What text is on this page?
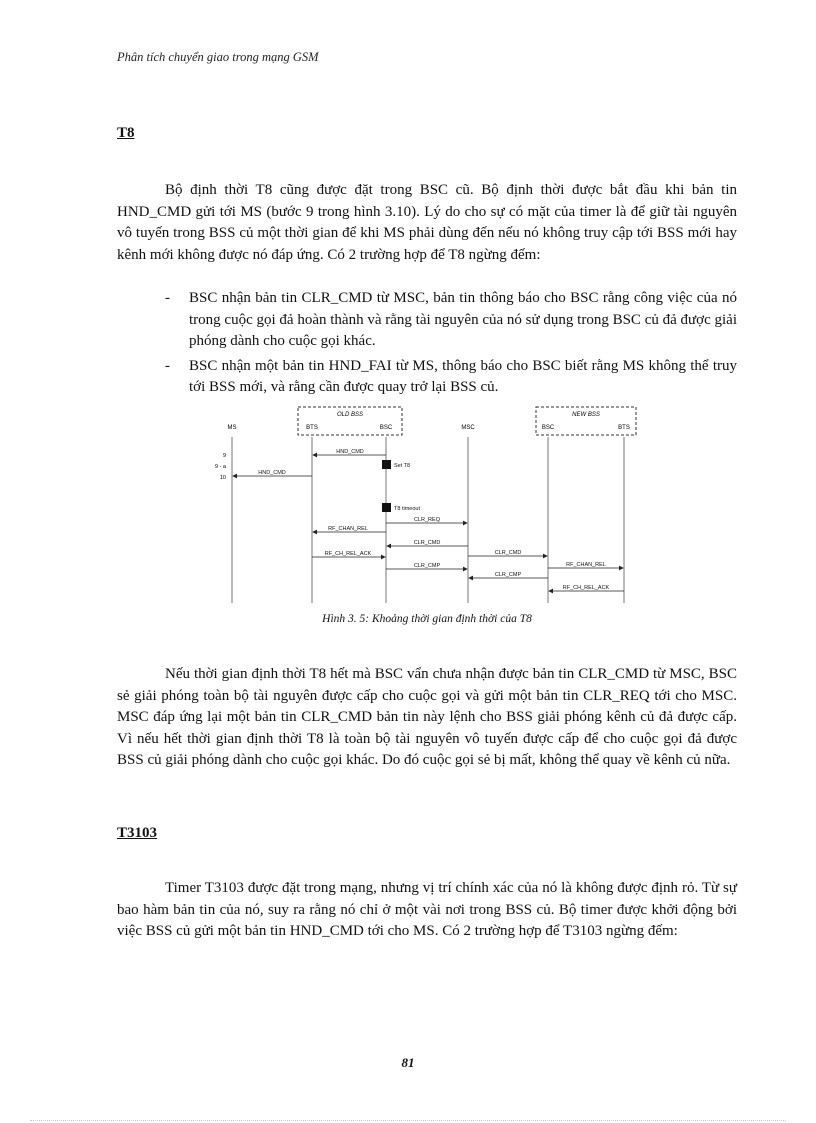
Phân tích chuyển giao trong mạng GSM
T8
Bộ định thời T8 cũng được đặt trong BSC cũ. Bộ định thời được bắt đầu khi bản tin HND_CMD gửi tới MS (bước 9 trong hình 3.10). Lý do cho sự có mặt của timer là để giữ tài nguyên vô tuyến trong BSS củ một thời gian để khi MS phải dùng đến nếu nó không truy cập tới BSS mới hay kênh mới không được nó đáp ứng. Có 2 trường hợp để T8 ngừng đếm:
- BSC nhận bản tin CLR_CMD từ MSC, bản tin thông báo cho BSC rằng công việc của nó trong cuộc gọi đả hoàn thành và rằng tài nguyên của nó sử dụng trong BSC củ đả được giải phóng dành cho cuộc gọi khác.
- BSC nhận một bản tin HND_FAI từ MS, thông báo cho BSC biết rằng MS không thể truy tới BSS mới, và rằng cần được quay trở lại BSS củ.
OLD BSS	NEW BSS
MS	BTS	BSC	MSC	BSC	BTS
9
9 - a
10
HND_CMD
HND_CMD
Set T8
T8 timeout
CLR_REQ
RF_CHAN_REL
CLR_CMD
RF_CH_REL_ACK	CLR_CMD
CLR_CMP	RF_CHAN_REL
CLR_CMP
RF_CH_REL_ACK
Hình 3. 5: Khoảng thời gian định thời của T8
Nếu thời gian định thời T8 hết mà BSC vẩn chưa nhận được bản tin CLR_CMD từ MSC, BSC sẻ giải phóng toàn bộ tài nguyên được cấp cho cuộc gọi và gửi một bản tin CLR_REQ tới cho MSC. MSC đáp ứng lại một bản tin CLR_CMD bản tin này lệnh cho BSS giải phóng kênh củ đả được cấp. Vì nếu hết thời gian định thời T8 là toàn bộ tài nguyên vô tuyến được cấp để cho cuộc gọi đả được BSS củ giải phóng dành cho cuộc gọi khác. Do đó cuộc gọi sẻ bị mất, không thể quay về kênh củ nữa.
T3103
Timer T3103 được đặt trong mạng, nhưng vị trí chính xác của nó là không được định rỏ. Từ sự bao hàm bản tin của nó, suy ra rằng nó chỉ ở một vài nơi trong BSS củ. Bộ timer được khởi động bởi việc BSS củ gửi một bản tin HND_CMD tới cho MS. Có 2 trường hợp để T3103 ngừng đếm:
81
